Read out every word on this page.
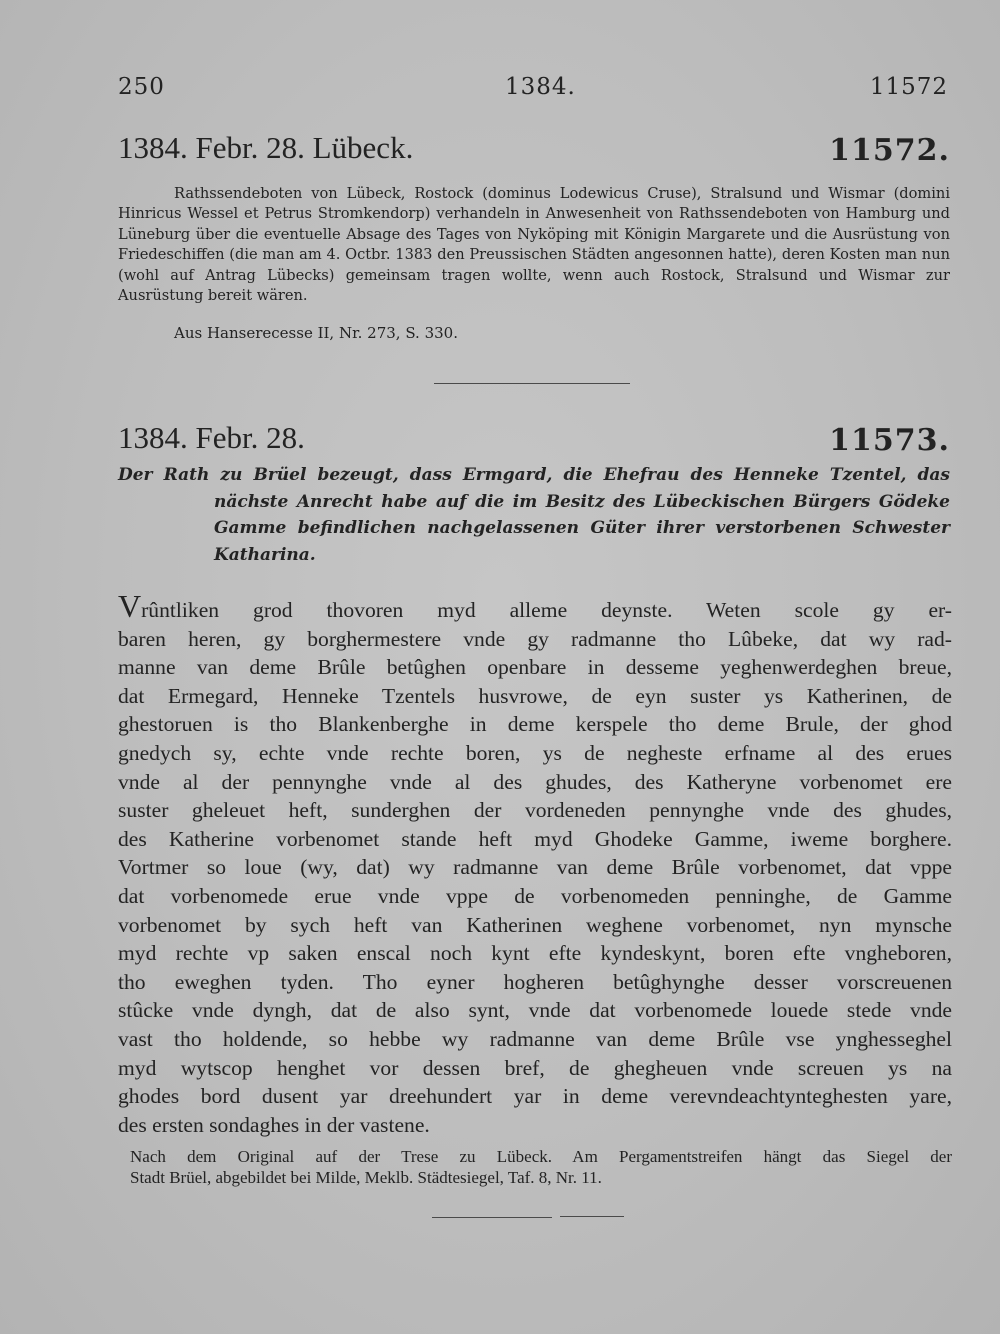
250	1384.	11572
1384. Febr. 28. Lübeck.	11572.
Rathssendeboten von Lübeck, Rostock (dominus Lodewicus Cruse), Stralsund und Wismar (domini Hinricus Wessel et Petrus Stromkendorp) verhandeln in Anwesenheit von Rathssendeboten von Hamburg und Lüneburg über die eventuelle Absage des Tages von Nyköping mit Königin Margarete und die Ausrüstung von Friedeschiffen (die man am 4. Octbr. 1383 den Preussischen Städten angesonnen hatte), deren Kosten man nun (wohl auf Antrag Lübecks) gemeinsam tragen wollte, wenn auch Rostock, Stralsund und Wismar zur Ausrüstung bereit wären.
Aus Hanserecesse II, Nr. 273, S. 330.
1384. Febr. 28.	11573.
Der Rath zu Brüel bezeugt, dass Ermgard, die Ehefrau des Henneke Tzentel, das nächste Anrecht habe auf die im Besitz des Lübeckischen Bürgers Gödeke Gamme befindlichen nachgelassenen Güter ihrer verstorbenen Schwester Katharina.
Vrûntliken grod thovoren myd alleme deynste. Weten scole gy er-
baren heren, gy borghermestere vnde gy radmanne tho Lûbeke, dat wy rad-
manne van deme Brûle betûghen openbare in desseme yeghenwerdeghen breue,
dat Ermegard, Henneke Tzentels husvrowe, de eyn suster ys Katherinen, de
ghestoruen is tho Blankenberghe in deme kerspele tho deme Brule, der ghod
gnedych sy, echte vnde rechte boren, ys de negheste erfname al des erues
vnde al der pennynghe vnde al des ghudes, des Katheryne vorbenomet ere
suster gheleuet heft, sunderghen der vordeneden pennynghe vnde des ghudes,
des Katherine vorbenomet stande heft myd Ghodeke Gamme, iweme borghere.
Vortmer so loue (wy, dat) wy radmanne van deme Brûle vorbenomet, dat vppe
dat vorbenomede erue vnde vppe de vorbenomeden penninghe, de Gamme
vorbenomet by sych heft van Katherinen weghene vorbenomet, nyn mynsche
myd rechte vp saken enscal noch kynt efte kyndeskynt, boren efte vngheboren,
tho eweghen tyden. Tho eyner hogheren betûghynghe desser vorscreuenen
stûcke vnde dyngh, dat de also synt, vnde dat vorbenomede louede stede vnde
vast tho holdende, so hebbe wy radmanne van deme Brûle vse ynghesseghel
myd wytscop henghet vor dessen bref, de ghegheuen vnde screuen ys na
ghodes bord dusent yar dreehundert yar in deme verevndeachtynteghesten yare,
des ersten sondaghes in der vastene.
Nach dem Original auf der Trese zu Lübeck. Am Pergamentstreifen hängt das Siegel der
Stadt Brüel, abgebildet bei Milde, Meklb. Städtesiegel, Taf. 8, Nr. 11.
